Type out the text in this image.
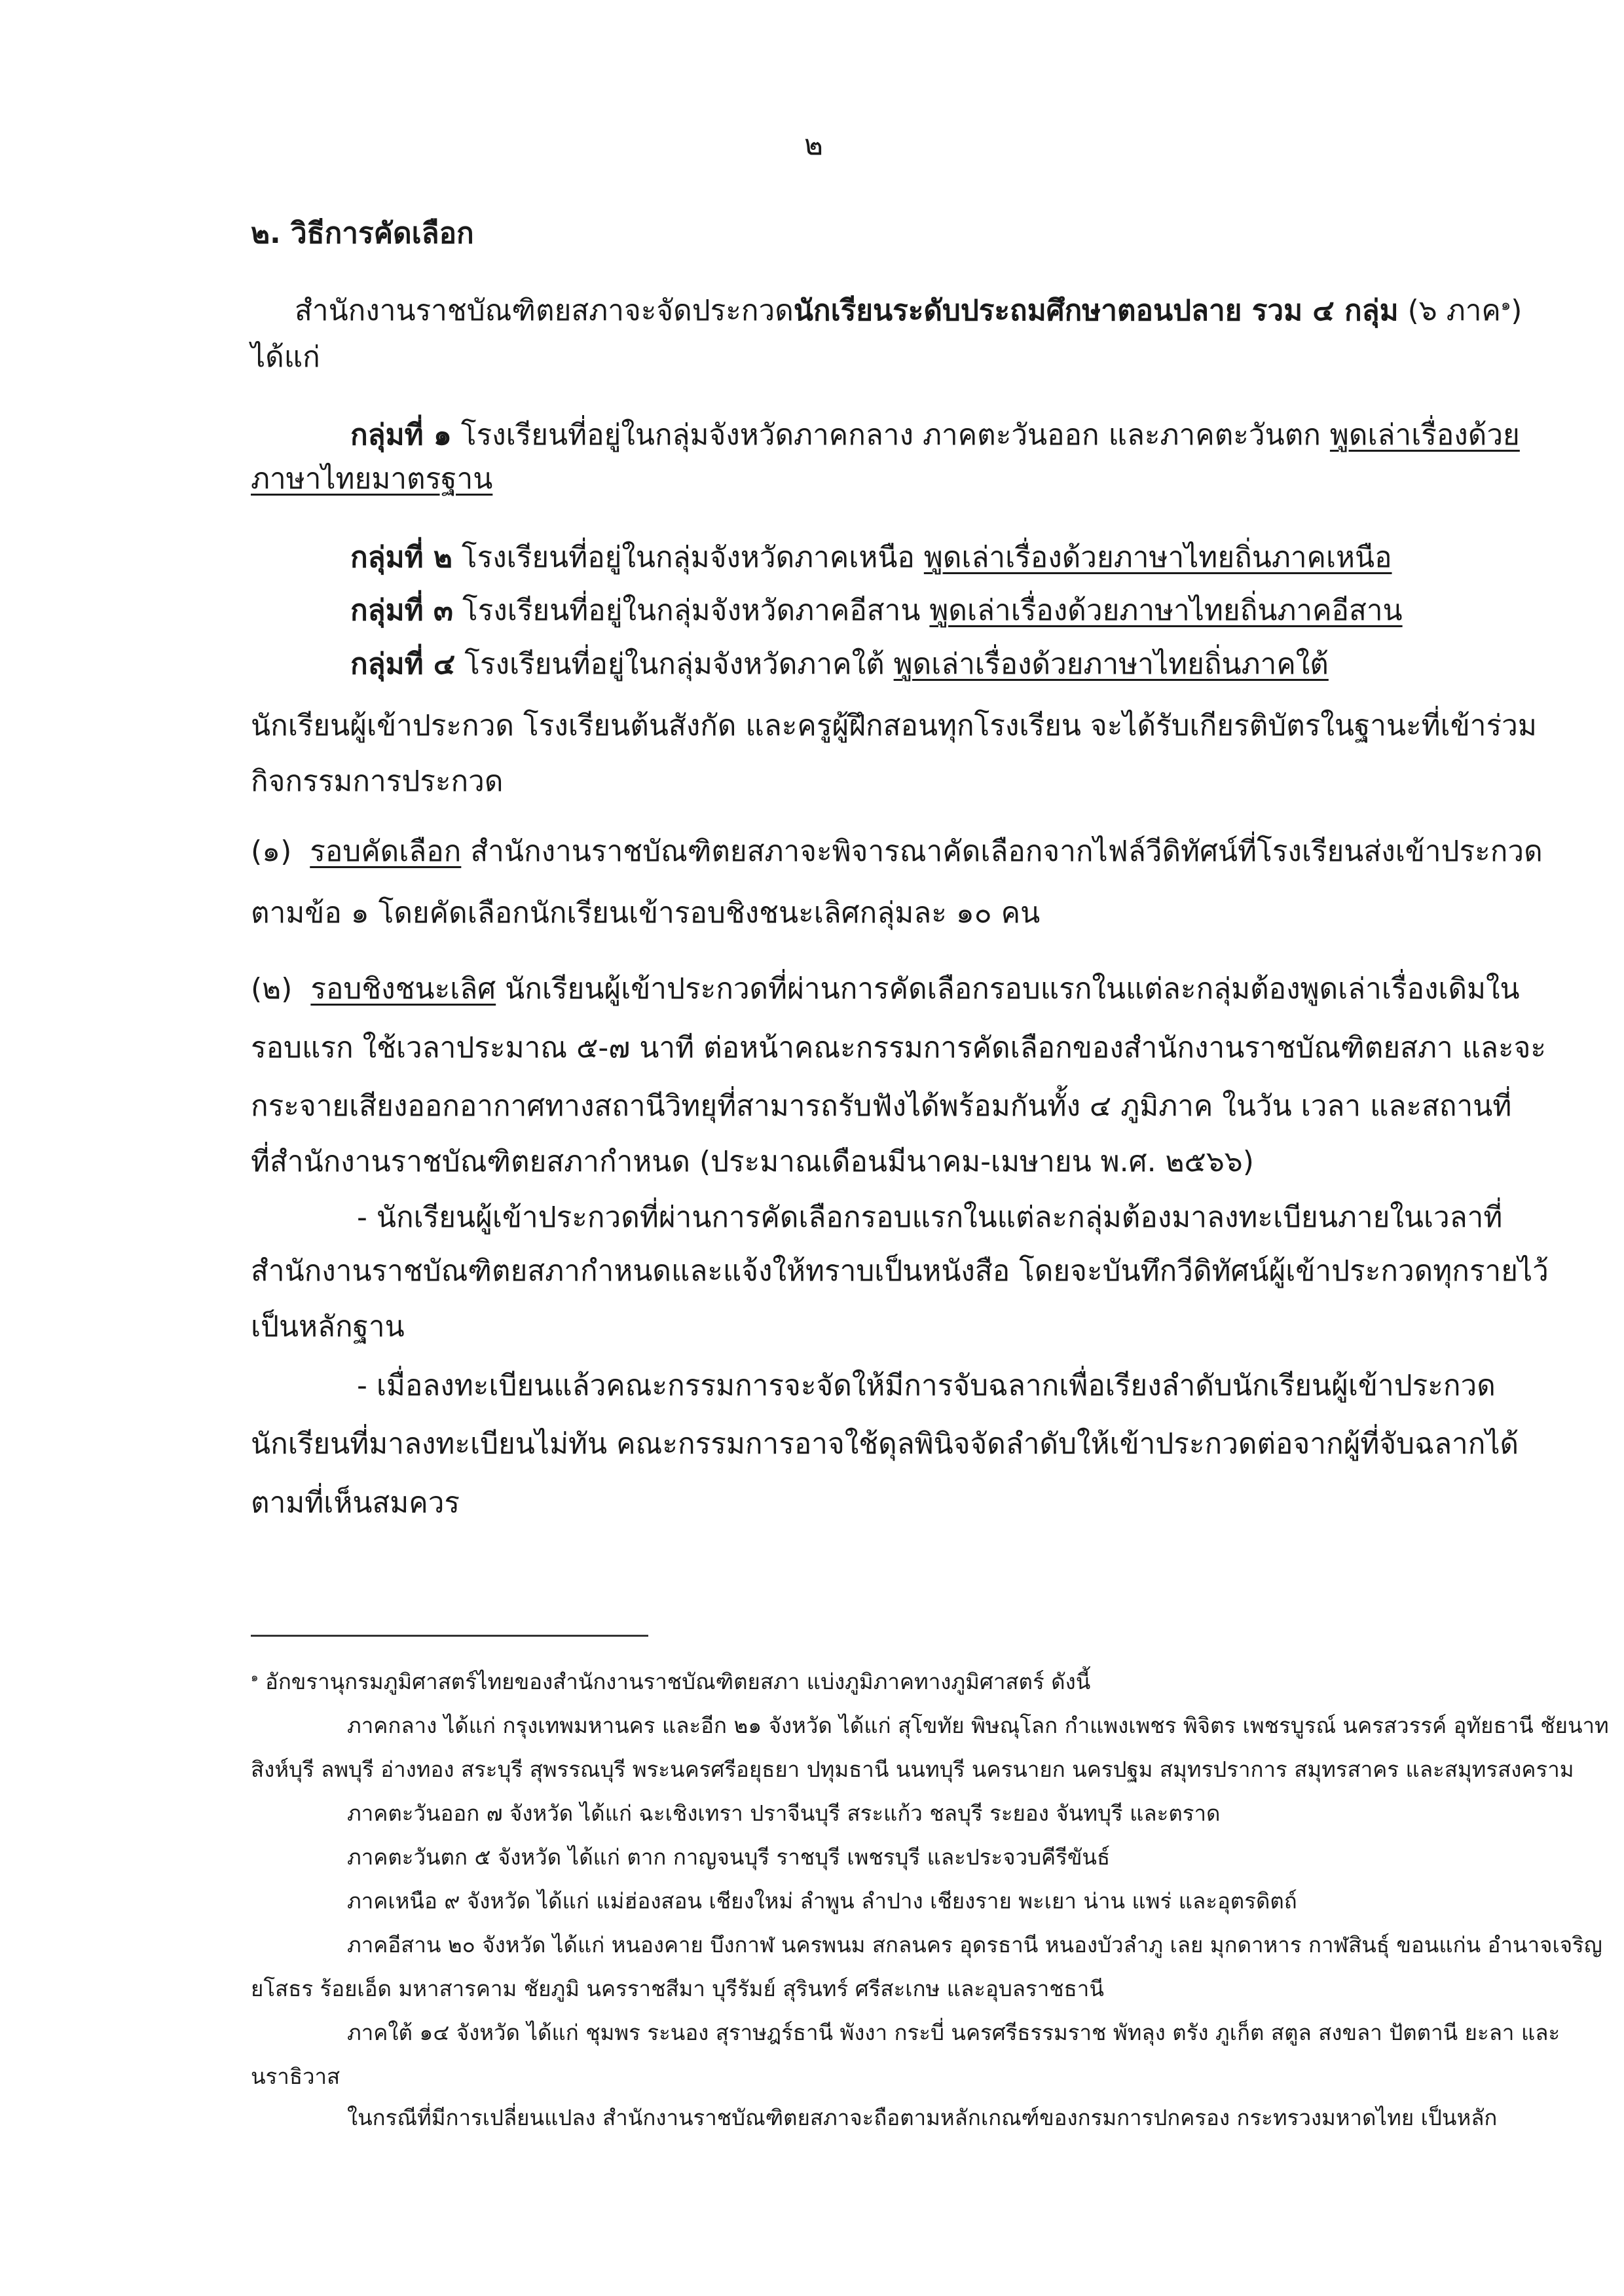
๒
๒. วิธีการคัดเลือก
สำนักงานราชบัณฑิตยสภาจะจัดประกวดนักเรียนระดับประถมศึกษาตอนปลาย รวม ๔ กลุ่ม (๖ ภาค$^๑$)
ได้แก่
กลุ่มที่ ๑ โรงเรียนที่อยู่ในกลุ่มจังหวัดภาคกลาง ภาคตะวันออก และภาคตะวันตก พูดเล่าเรื่องด้วย
ภาษาไทยมาตรฐาน
กลุ่มที่ ๒ โรงเรียนที่อยู่ในกลุ่มจังหวัดภาคเหนือ พูดเล่าเรื่องด้วยภาษาไทยถิ่นภาคเหนือ
กลุ่มที่ ๓ โรงเรียนที่อยู่ในกลุ่มจังหวัดภาคอีสาน พูดเล่าเรื่องด้วยภาษาไทยถิ่นภาคอีสาน
กลุ่มที่ ๔ โรงเรียนที่อยู่ในกลุ่มจังหวัดภาคใต้ พูดเล่าเรื่องด้วยภาษาไทยถิ่นภาคใต้
นักเรียนผู้เข้าประกวด โรงเรียนต้นสังกัด และครูผู้ฝึกสอนทุกโรงเรียน จะได้รับเกียรติบัตรในฐานะที่เข้าร่วม
กิจกรรมการประกวด
(๑) รอบคัดเลือก สำนักงานราชบัณฑิตยสภาจะพิจารณาคัดเลือกจากไฟล์วีดิทัศน์ที่โรงเรียนส่งเข้าประกวด
ตามข้อ ๑ โดยคัดเลือกนักเรียนเข้ารอบชิงชนะเลิศกลุ่มละ ๑๐ คน
(๒) รอบชิงชนะเลิศ นักเรียนผู้เข้าประกวดที่ผ่านการคัดเลือกรอบแรกในแต่ละกลุ่มต้องพูดเล่าเรื่องเดิมใน
รอบแรก ใช้เวลาประมาณ ๕-๗ นาที ต่อหน้าคณะกรรมการคัดเลือกของสำนักงานราชบัณฑิตยสภา และจะ
กระจายเสียงออกอากาศทางสถานีวิทยุที่สามารถรับฟังได้พร้อมกันทั้ง ๔ ภูมิภาค ในวัน เวลา และสถานที่
ที่สำนักงานราชบัณฑิตยสภากำหนด (ประมาณเดือนมีนาคม-เมษายน พ.ศ. ๒๕๖๖)
- นักเรียนผู้เข้าประกวดที่ผ่านการคัดเลือกรอบแรกในแต่ละกลุ่มต้องมาลงทะเบียนภายในเวลาที่
สำนักงานราชบัณฑิตยสภากำหนดและแจ้งให้ทราบเป็นหนังสือ โดยจะบันทึกวีดิทัศน์ผู้เข้าประกวดทุกรายไว้
เป็นหลักฐาน
- เมื่อลงทะเบียนแล้วคณะกรรมการจะจัดให้มีการจับฉลากเพื่อเรียงลำดับนักเรียนผู้เข้าประกวด
นักเรียนที่มาลงทะเบียนไม่ทัน คณะกรรมการอาจใช้ดุลพินิจจัดลำดับให้เข้าประกวดต่อจากผู้ที่จับฉลากได้
ตามที่เห็นสมควร
$^๑$ อักขรานุกรมภูมิศาสตร์ไทยของสำนักงานราชบัณฑิตยสภา แบ่งภูมิภาคทางภูมิศาสตร์ ดังนี้
ภาคกลาง ได้แก่ กรุงเทพมหานคร และอีก ๒๑ จังหวัด ได้แก่ สุโขทัย พิษณุโลก กำแพงเพชร พิจิตร เพชรบูรณ์ นครสวรรค์ อุทัยธานี ชัยนาท
สิงห์บุรี ลพบุรี อ่างทอง สระบุรี สุพรรณบุรี พระนครศรีอยุธยา ปทุมธานี นนทบุรี นครนายก นครปฐม สมุทรปราการ สมุทรสาคร และสมุทรสงคราม
ภาคตะวันออก ๗ จังหวัด ได้แก่ ฉะเชิงเทรา ปราจีนบุรี สระแก้ว ชลบุรี ระยอง จันทบุรี และตราด
ภาคตะวันตก ๕ จังหวัด ได้แก่ ตาก กาญจนบุรี ราชบุรี เพชรบุรี และประจวบคีรีขันธ์
ภาคเหนือ ๙ จังหวัด ได้แก่ แม่ฮ่องสอน เชียงใหม่ ลำพูน ลำปาง เชียงราย พะเยา น่าน แพร่ และอุตรดิตถ์
ภาคอีสาน ๒๐ จังหวัด ได้แก่ หนองคาย บึงกาฬ นครพนม สกลนคร อุดรธานี หนองบัวลำภู เลย มุกดาหาร กาฬสินธุ์ ขอนแก่น อำนาจเจริญ
ยโสธร ร้อยเอ็ด มหาสารคาม ชัยภูมิ นครราชสีมา บุรีรัมย์ สุรินทร์ ศรีสะเกษ และอุบลราชธานี
ภาคใต้ ๑๔ จังหวัด ได้แก่ ชุมพร ระนอง สุราษฎร์ธานี พังงา กระบี่ นครศรีธรรมราช พัทลุง ตรัง ภูเก็ต สตูล สงขลา ปัตตานี ยะลา และ
นราธิวาส
ในกรณีที่มีการเปลี่ยนแปลง สำนักงานราชบัณฑิตยสภาจะถือตามหลักเกณฑ์ของกรมการปกครอง กระทรวงมหาดไทย เป็นหลัก
